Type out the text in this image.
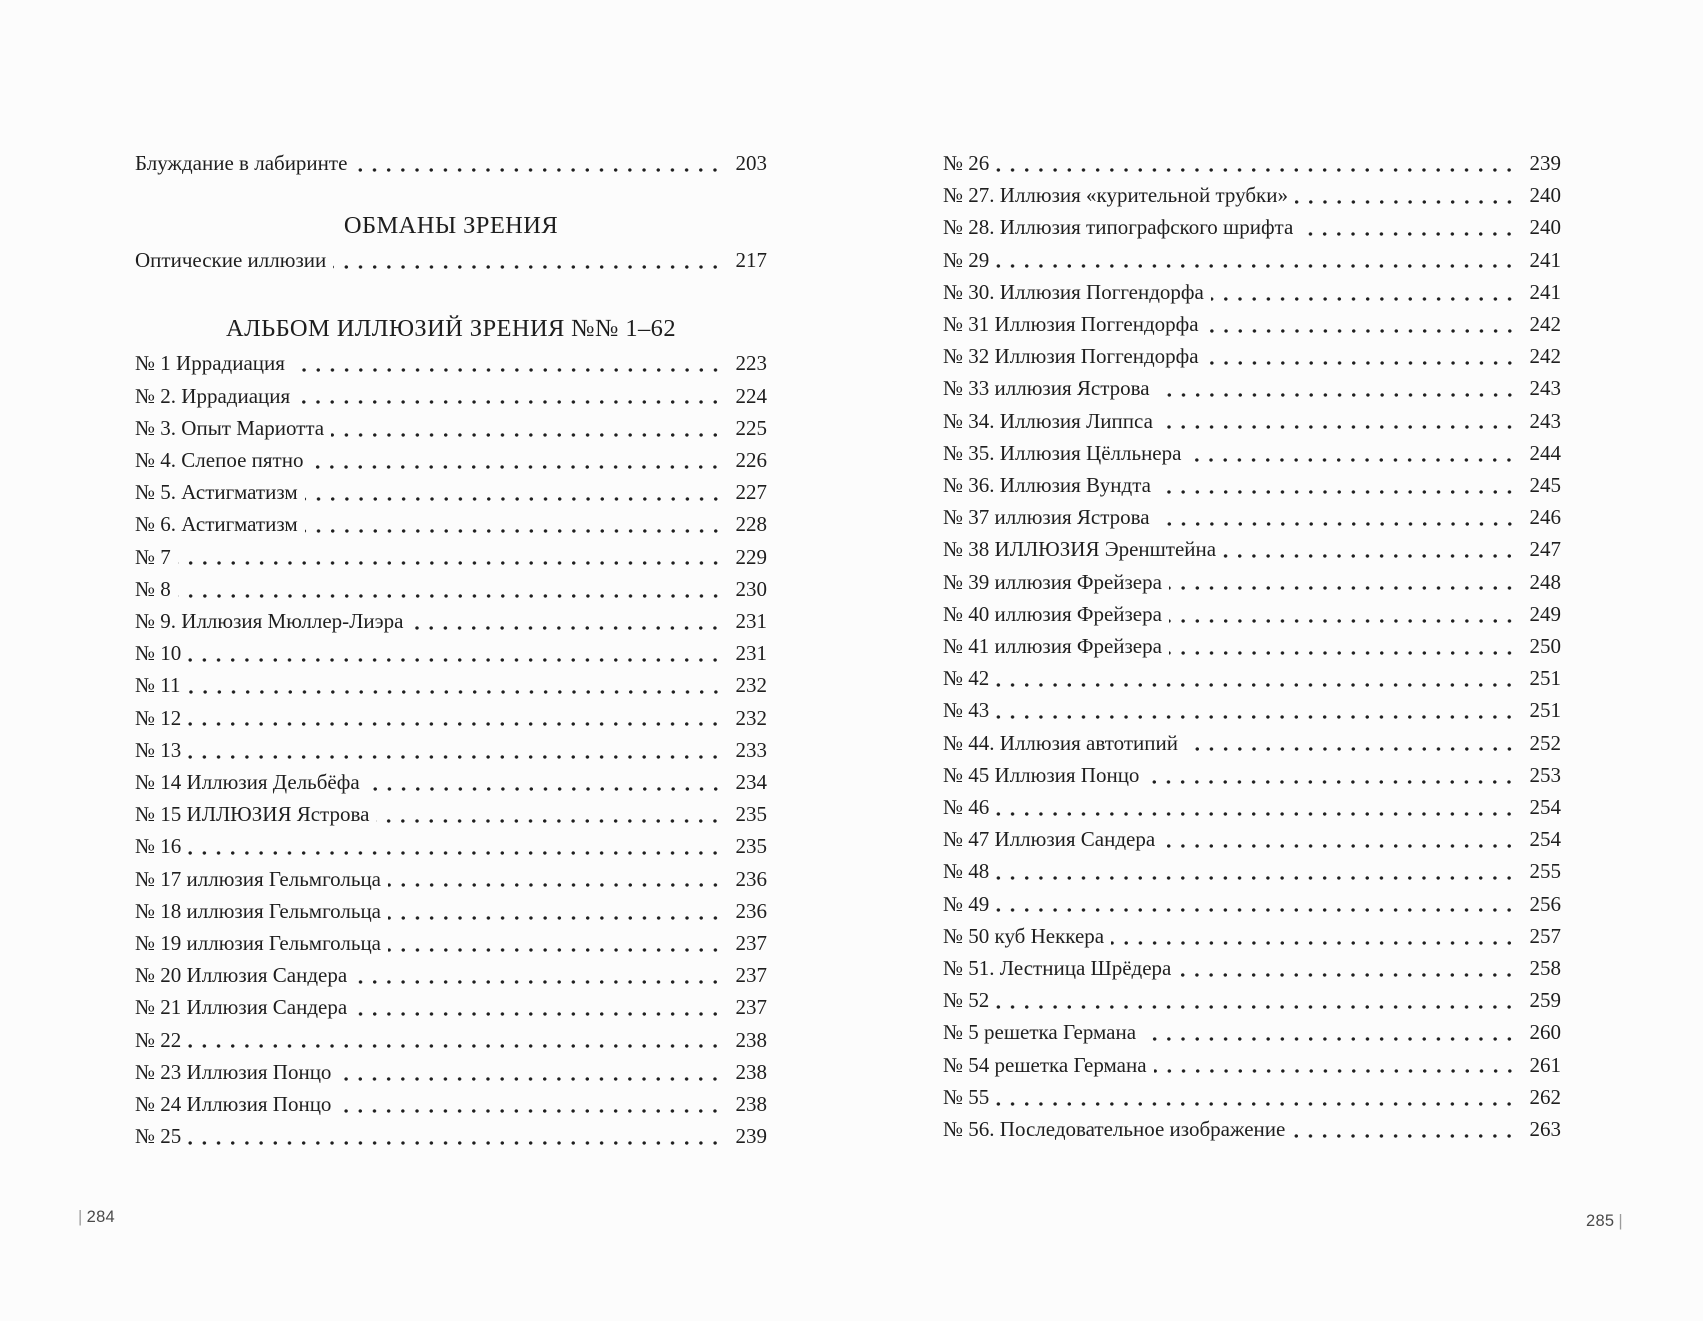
Блуждание в лабиринте	203
ОБМАНЫ ЗРЕНИЯ
Оптические иллюзии	217
АЛЬБОМ ИЛЛЮЗИЙ ЗРЕНИЯ №№ 1–62
№ 1 Иррадиация	223
№ 2. Иррадиация	224
№ 3. Опыт Мариотта	225
№ 4. Слепое пятно	226
№ 5. Астигматизм	227
№ 6. Астигматизм	228
№ 7	229
№ 8	230
№ 9. Иллюзия Мюллер-Лиэра	231
№ 10	231
№ 11	232
№ 12	232
№ 13	233
№ 14 Иллюзия Дельбёфа	234
№ 15 ИЛЛЮЗИЯ Ястрова	235
№ 16	235
№ 17 иллюзия Гельмгольца	236
№ 18 иллюзия Гельмгольца	236
№ 19 иллюзия Гельмгольца	237
№ 20 Иллюзия Сандера	237
№ 21 Иллюзия Сандера	237
№ 22	238
№ 23 Иллюзия Понцо	238
№ 24 Иллюзия Понцо	238
№ 25	239
№ 26	239
№ 27. Иллюзия «курительной трубки»	240
№ 28. Иллюзия типографского шрифта	240
№ 29	241
№ 30. Иллюзия Поггендорфа	241
№ 31 Иллюзия Поггендорфа	242
№ 32 Иллюзия Поггендорфа	242
№ 33 иллюзия Ястрова	243
№ 34. Иллюзия Липпса	243
№ 35. Иллюзия Цёлльнера	244
№ 36. Иллюзия Вундта	245
№ 37 иллюзия Ястрова	246
№ 38 ИЛЛЮЗИЯ Эренштейна	247
№ 39 иллюзия Фрейзера	248
№ 40 иллюзия Фрейзера	249
№ 41 иллюзия Фрейзера	250
№ 42	251
№ 43	251
№ 44. Иллюзия автотипий	252
№ 45 Иллюзия Понцо	253
№ 46	254
№ 47 Иллюзия Сандера	254
№ 48	255
№ 49	256
№ 50 куб Неккера	257
№ 51. Лестница Шрёдера	258
№ 52	259
№ 5 решетка Германа	260
№ 54 решетка Германа	261
№ 55	262
№ 56. Последовательное изображение	263
| 284	285 |
